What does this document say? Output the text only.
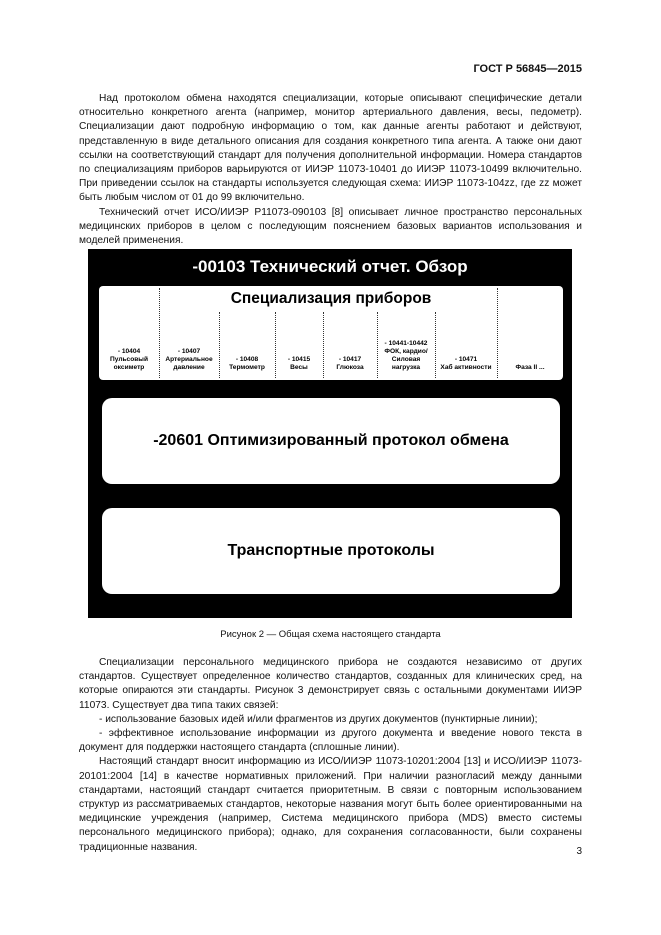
ГОСТ Р 56845—2015

Над протоколом обмена находятся специализации, которые описывают специфические детали относительно конкретного агента (например, монитор артериального давления, весы, педометр). Специализации дают подробную информацию о том, как данные агенты работают и действуют, представленную в виде детального описания для создания конкретного типа агента. А также они дают ссылки на соответствующий стандарт для получения дополнительной информации. Номера стандартов по специализациям приборов варьируются от ИИЭР 11073-10401 до ИИЭР 11073-10499 включительно. При приведении ссылок на стандарты используется следующая схема: ИИЭР 11073-104zz, где zz может быть любым числом от 01 до 99 включительно.

Технический отчет ИСО/ИИЭР Р11073-090103 [8] описывает личное пространство персональных медицинских приборов в целом с последующим пояснением базовых вариантов использования и моделей применения.

-00103 Технический отчет. Обзор
- 10404
Пульсовый оксиметр
- 10407
Артериальное давление
- 10408
Термометр
- 10415
Весы
- 10417
Глюкоза
- 10441-10442
ФОК, кардио/Силовая нагрузка
- 10471
Хаб активности	Фаза II ...
Специализация приборов
-20601 Оптимизированный протокол обмена
Транспортные протоколы
Рисунок 2 — Общая схема настоящего стандарта

Специализации персонального медицинского прибора не создаются независимо от других стандартов. Существует определенное количество стандартов, созданных для клинических сред, на которые опираются эти стандарты. Рисунок 3 демонстрирует связь с остальными документами ИИЭР 11073. Существует два типа таких связей:

- использование базовых идей и/или фрагментов из других документов (пунктирные линии);

- эффективное использование информации из другого документа и введение нового текста в документ для поддержки настоящего стандарта (сплошные линии).

Настоящий стандарт вносит информацию из ИСО/ИИЭР 11073-10201:2004 [13] и ИСО/ИИЭР 11073-20101:2004 [14] в качестве нормативных приложений. При наличии разногласий между данными стандартами, настоящий стандарт считается приоритетным. В связи с повторным использованием структур из рассматриваемых стандартов, некоторые названия могут быть более ориентированными на медицинские учреждения (например, Система медицинского прибора (MDS) вместо системы персонального медицинского прибора); однако, для сохранения согласованности, были сохранены традиционные названия.	3
